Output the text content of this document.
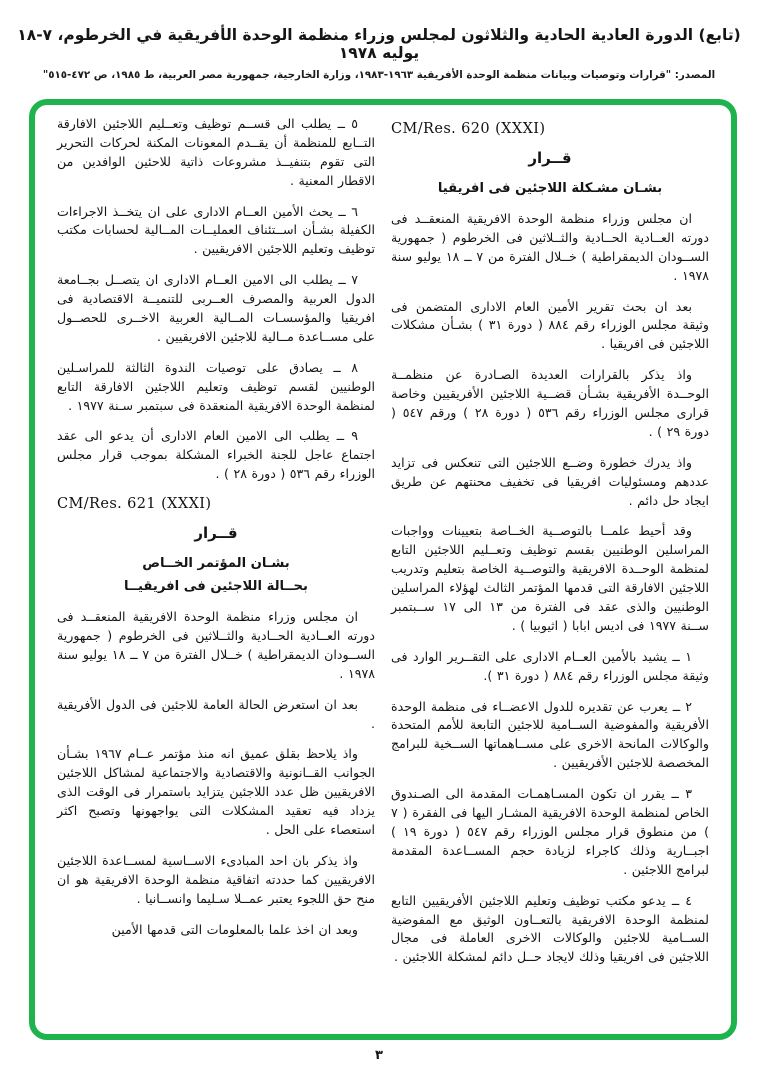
(تابع) الدورة العادية الحادية والثلاثون لمجلس وزراء منظمة الوحدة الأفريقية في الخرطوم، ٧-١٨ يوليه ١٩٧٨
المصدر: "قرارات وتوصيات وبيانات منظمة الوحدة الأفريقية ١٩٦٣-١٩٨٣، وزارة الخارجية، جمهورية مصر العربية، ط ١٩٨٥، ص ٤٧٢-٥١٥"
CM/Res. 620 (XXXI)
قــرار
بشـان مشـكلة اللاجئين فى افريقيا

ان مجلس وزراء منظمة الوحدة الافريقية المنعقــد فى دورته العــادية الحــادية والثــلاثين فى الخرطوم ( جمهورية الســودان الديمقراطية ) خــلال الفترة من ٧ ــ ١٨ يوليو سنة ١٩٧٨ .

بعد ان بحث تقرير الأمين العام الادارى المتضمن فى وثيقة مجلس الوزراء رقم ٨٨٤ ( دورة ٣١ ) بشـأن مشكلات اللاجئين فى افريقيا .

واذ يذكر بالقرارات العديدة الصـادرة عن منظمــة الوحــدة الأفريقية بشـأن قضــية اللاجئين الأفريقيين وخاصة قرارى مجلس الوزراء رقم ٥٣٦ ( دورة ٢٨ ) ورقم ٥٤٧ ( دورة ٢٩ ) .

واذ يدرك خطورة وضــع اللاجئين التى تنعكس فى تزايد عددهم ومسئوليات افريقيا فى تخفيف محنتهم عن طريق ايجاد حل دائم .

وقد أحيط علمــا بالتوصــية الخــاصة بتعيينات وواجبات المراسلين الوطنيين بقسم توظيف وتعــليم اللاجئين التابع لمنظمة الوحــدة الافريقية والتوصــية الخاصة بتعليم وتدريب اللاجئين الافارقة التى قدمها المؤتمر الثالث لهؤلاء المراسلين الوطنيين والذى عقد فى الفترة من ١٣ الى ١٧ ســبتمبر ســنة ١٩٧٧ فى اديس ابابا ( اثيوبيا ) .

١ ــ يشيد بالأمين العــام الادارى على التقــرير الوارد فى وثيقة مجلس الوزراء رقم ٨٨٤ ( دورة ٣١ ).

٢ ــ يعرب عن تقديره للدول الاعضــاء فى منظمة الوحدة الأفريقية والمفوضية الســامية للاجئين التابعة للأمم المتحدة والوكالات المانحة الاخرى على مســاهماتها الســخية للبرامج المخصصة للاجئين الأفريقيين .

٣ ــ يقرر ان تكون المسـاهمـات المقدمة الى الصـندوق الخاص لمنظمة الوحدة الافريقية المشـار اليها فى الفقرة ( ٧ ) من منطوق قرار مجلس الوزراء رقم ٥٤٧ ( دورة ١٩ ) اجبــارية وذلك كاجراء لزيادة حجم المســاعدة المقدمة لبرامج اللاجئين .

٤ ــ يدعو مكتب توظيف وتعليم اللاجئين الأفريقيين التابع لمنظمة الوحدة الافريقية بالتعــاون الوثيق مع المفوضية الســامية للاجئين والوكالات الاخرى العاملة فى مجال اللاجئين فى افريقيا وذلك لايجاد حــل دائم لمشكلة اللاجئين .

٥ ــ يطلب الى قســم توظيف وتعــليم اللاجئين الافارقة التــابع للمنظمة أن يقــدم المعونات المكنة لحركات التحرير التى تقوم بتنفيــذ مشروعات ذاتية للاحئين الوافدين من الاقطار المعنية .

٦ ــ يحث الأمين العــام الادارى على ان يتخــذ الاجراءات الكفيلة بشـأن اســتئناف العمليــات المــالية لحسابات مكتب توظيف وتعليم اللاجئين الافريقيين .

٧ ــ يطلب الى الامين العــام الادارى ان يتصــل بجــامعة الدول العربية والمصرف العــربى للتنميــة الاقتصادية فى افريقيا والمؤسسـات المــالية العربية الاخــرى للحصــول على مســاعدة مــالية للاجئين الافريقيين .

٨ ــ يصادق على توصيات الندوة الثالثة للمراسـلين الوطنيين لقسم توظيف وتعليم اللاجئين الافارقة التابع لمنظمة الوحدة الافريقية المنعقدة فى سبتمبر سـنة ١٩٧٧ .

٩ ــ يطلب الى الامين العام الادارى أن يدعو الى عقد اجتماع عاجل للجنة الخبراء المشكلة بموجب قرار مجلس الوزراء رقم ٥٣٦ ( دورة ٢٨ ) .

CM/Res. 621 (XXXI)
قــرار
بشـان المؤتمر الخــاص
بحــالة اللاجئين فى افريقيــا

ان مجلس وزراء منظمة الوحدة الافريقية المنعقــد فى دورته العــادية الحــادية والثــلاثين فى الخرطوم ( جمهورية الســودان الديمقراطية ) خــلال الفترة من ٧ ــ ١٨ يوليو سنة ١٩٧٨ .

بعد ان استعرض الحالة العامة للاجئين فى الدول الأفريقية .

واذ يلاحظ بقلق عميق انه منذ مؤتمر عــام ١٩٦٧ بشـأن الجوانب القــانونية والاقتصادية والاجتماعية لمشاكل اللاجئين الافريقيين ظل عدد اللاجئين يتزايد باستمرار فى الوقت الذى يزداد فيه تعقيد المشكلات التى يواجهونها وتصبح اكثر استعصاء على الحل .

واذ يذكر بان احد المبادىء الاســاسية لمســاعدة اللاجئين الافريقيين كما حددته اتفاقية منظمة الوحدة الافريقية هو ان منح حق اللجوء يعتبر عمــلا سـليما وانســانيا .

وبعد ان اخذ علما بالمعلومات التى قدمها الأمين

٣
